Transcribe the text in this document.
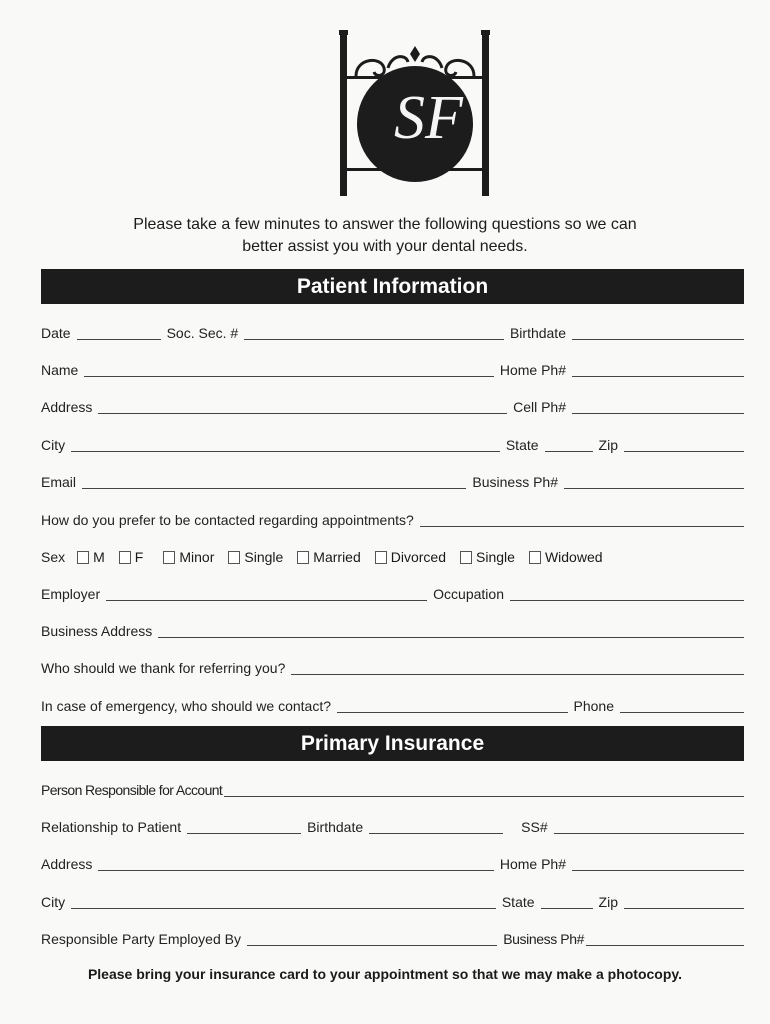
SF
Please take a few minutes to answer the following questions so we can
better assist you with your dental needs.
Patient Information
Date	Soc. Sec. #	Birthdate
Name	Home Ph#
Address	Cell Ph#
City	State	Zip
Email	Business Ph#
How do you prefer to be contacted regarding appointments?
Sex M F	Minor Single Married Divorced Single Widowed
Employer	Occupation
Business Address
Who should we thank for referring you?
In case of emergency, who should we contact?	Phone
Primary Insurance
Person Responsible for Account
Relationship to Patient	Birthdate	SS#
Address	Home Ph#
City	State	Zip
Responsible Party Employed By	Business Ph#
Please bring your insurance card to your appointment so that we may make a photocopy.
